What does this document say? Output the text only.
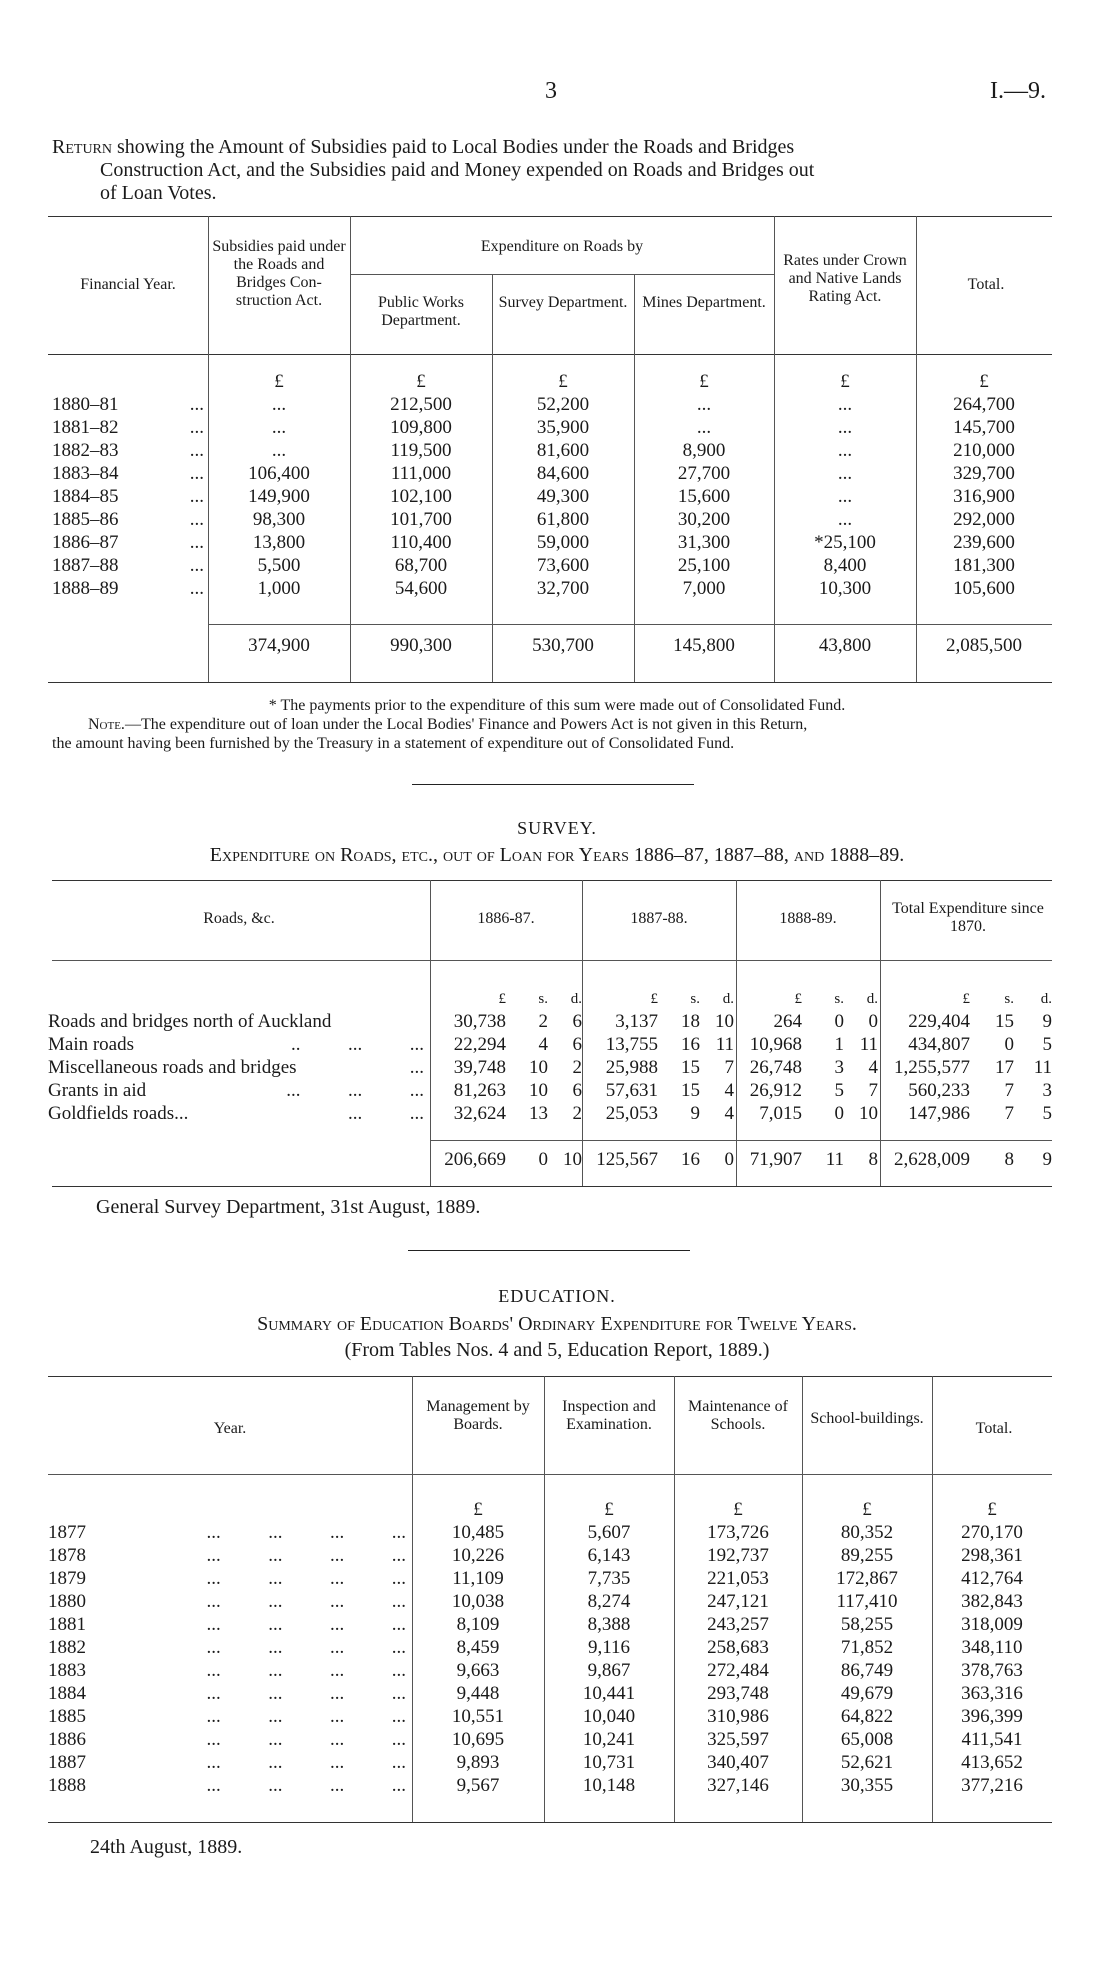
3	I.—9.
Return showing the Amount of Subsidies paid to Local Bodies under the Roads and Bridges
Construction Act, and the Subsidies paid and Money expended on Roads and Bridges out
of Loan Votes.
Financial Year.
Subsidies paid under the Roads and Bridges Con-struction Act.
Expenditure on Roads by
Public Works Department.
Survey Department. Mines Department.
Rates under Crown and Native Lands Rating Act.
Total.
	£	£	£	£	£	£
1880–81 ...	...	212,500	52,200	...	...	264,700
1881–82 ...	...	109,800	35,900	...	...	145,700
1882–83 ...	...	119,500	81,600	8,900	...	210,000
1883–84 ...	106,400	111,000	84,600	27,700	...	329,700
1884–85 ...	149,900	102,100	49,300	15,600	...	316,900
1885–86 ...	98,300	101,700	61,800	30,200	...	292,000
1886–87 ...	13,800	110,400	59,000	31,300	*25,100	239,600
1887–88 ...	5,500	68,700	73,600	25,100	8,400	181,300
1888–89 ...	1,000	54,600	32,700	7,000	10,300	105,600
	374,900	990,300	530,700	145,800	43,800	2,085,500
* The payments prior to the expenditure of this sum were made out of Consolidated Fund.
Note.—The expenditure out of loan under the Local Bodies' Finance and Powers Act is not given in this Return,
the amount having been furnished by the Treasury in a statement of expenditure out of Consolidated Fund.
SURVEY.
Expenditure on Roads, etc., out of Loan for Years 1886–87, 1887–88, and 1888–89.
Roads, &c.	1886-87.	1887-88.	1888-89.
Total Expenditure since 1870.
	£	s.	d.	£	s.	d.	£	s.	d.	£	s.	d.
Roads and bridges north of Auckland	30,738	2	6	3,137	18	10	264	0	0	229,404	15	9
Main roads ..          ...          ...	22,294	4	6	13,755	16	11	10,968	1	11	434,807	0	5
Miscellaneous roads and bridges ...	39,748	10	2	25,988	15	7	26,748	3	4	1,255,577	17	11
Grants in aid ...          ...          ...	81,263	10	6	57,631	15	4	26,912	5	7	560,233	7	3
Goldfields roads... ...          ...	32,624	13	2	25,053	9	4	7,015	0	10	147,986	7	5
	206,669	0	10	125,567	16	0	71,907	11	8	2,628,009	8	9
General Survey Department, 31st August, 1889.
EDUCATION.
Summary of Education Boards' Ordinary Expenditure for Twelve Years.
(From Tables Nos. 4 and 5, Education Report, 1889.)
Year.
Management by Boards.
Inspection and Examination.
Maintenance of Schools.	School-buildings.
Total.
	£	£	£	£	£
1877 ...          ...          ...          ...	10,485	5,607	173,726	80,352	270,170
1878 ...          ...          ...          ...	10,226	6,143	192,737	89,255	298,361
1879 ...          ...          ...          ...	11,109	7,735	221,053	172,867	412,764
1880 ...          ...          ...          ...	10,038	8,274	247,121	117,410	382,843
1881 ...          ...          ...          ...	8,109	8,388	243,257	58,255	318,009
1882 ...          ...          ...          ...	8,459	9,116	258,683	71,852	348,110
1883 ...          ...          ...          ...	9,663	9,867	272,484	86,749	378,763
1884 ...          ...          ...          ...	9,448	10,441	293,748	49,679	363,316
1885 ...          ...          ...          ...	10,551	10,040	310,986	64,822	396,399
1886 ...          ...          ...          ...	10,695	10,241	325,597	65,008	411,541
1887 ...          ...          ...          ...	9,893	10,731	340,407	52,621	413,652
1888 ...          ...          ...          ...	9,567	10,148	327,146	30,355	377,216
24th August, 1889.
